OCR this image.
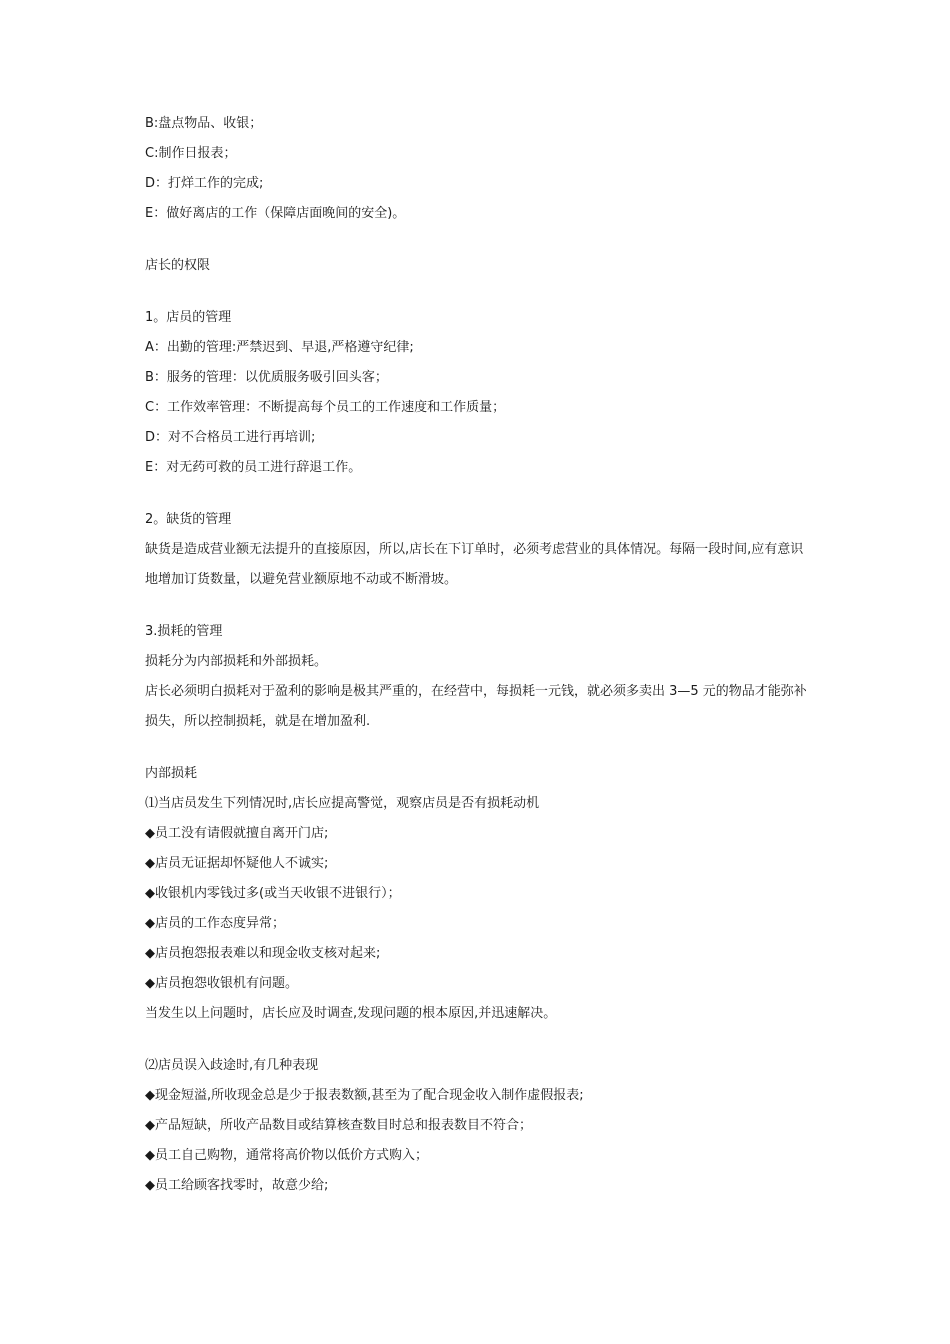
B:盘点物品、收银；
C:制作日报表；
D：打烊工作的完成;
E：做好离店的工作（保障店面晚间的安全)。
店长的权限
1。店员的管理
A：出勤的管理:严禁迟到、早退,严格遵守纪律;
B：服务的管理：以优质服务吸引回头客；
C：工作效率管理：不断提高每个员工的工作速度和工作质量；
D：对不合格员工进行再培训;
E：对无药可救的员工进行辞退工作。
2。缺货的管理
缺货是造成营业额无法提升的直接原因，所以,店长在下订单时，必须考虑营业的具体情况。每隔一段时间,应有意识地增加订货数量，以避免营业额原地不动或不断滑坡。
3.损耗的管理
损耗分为内部损耗和外部损耗。
店长必须明白损耗对于盈利的影响是极其严重的，在经营中，每损耗一元钱，就必须多卖出 3—5 元的物品才能弥补损失，所以控制损耗，就是在增加盈利.
内部损耗
⑴当店员发生下列情况时,店长应提高警觉，观察店员是否有损耗动机
◆员工没有请假就擅自离开门店;
◆店员无证据却怀疑他人不诚实;
◆收银机内零钱过多(或当天收银不进银行）；
◆店员的工作态度异常；
◆店员抱怨报表难以和现金收支核对起来;
◆店员抱怨收银机有问题。
当发生以上问题时，店长应及时调查,发现问题的根本原因,并迅速解决。
⑵店员误入歧途时,有几种表现
◆现金短溢,所收现金总是少于报表数额,甚至为了配合现金收入制作虚假报表;
◆产品短缺，所收产品数目或结算核查数目时总和报表数目不符合；
◆员工自己购物，通常将高价物以低价方式购入；
◆员工给顾客找零时，故意少给;
